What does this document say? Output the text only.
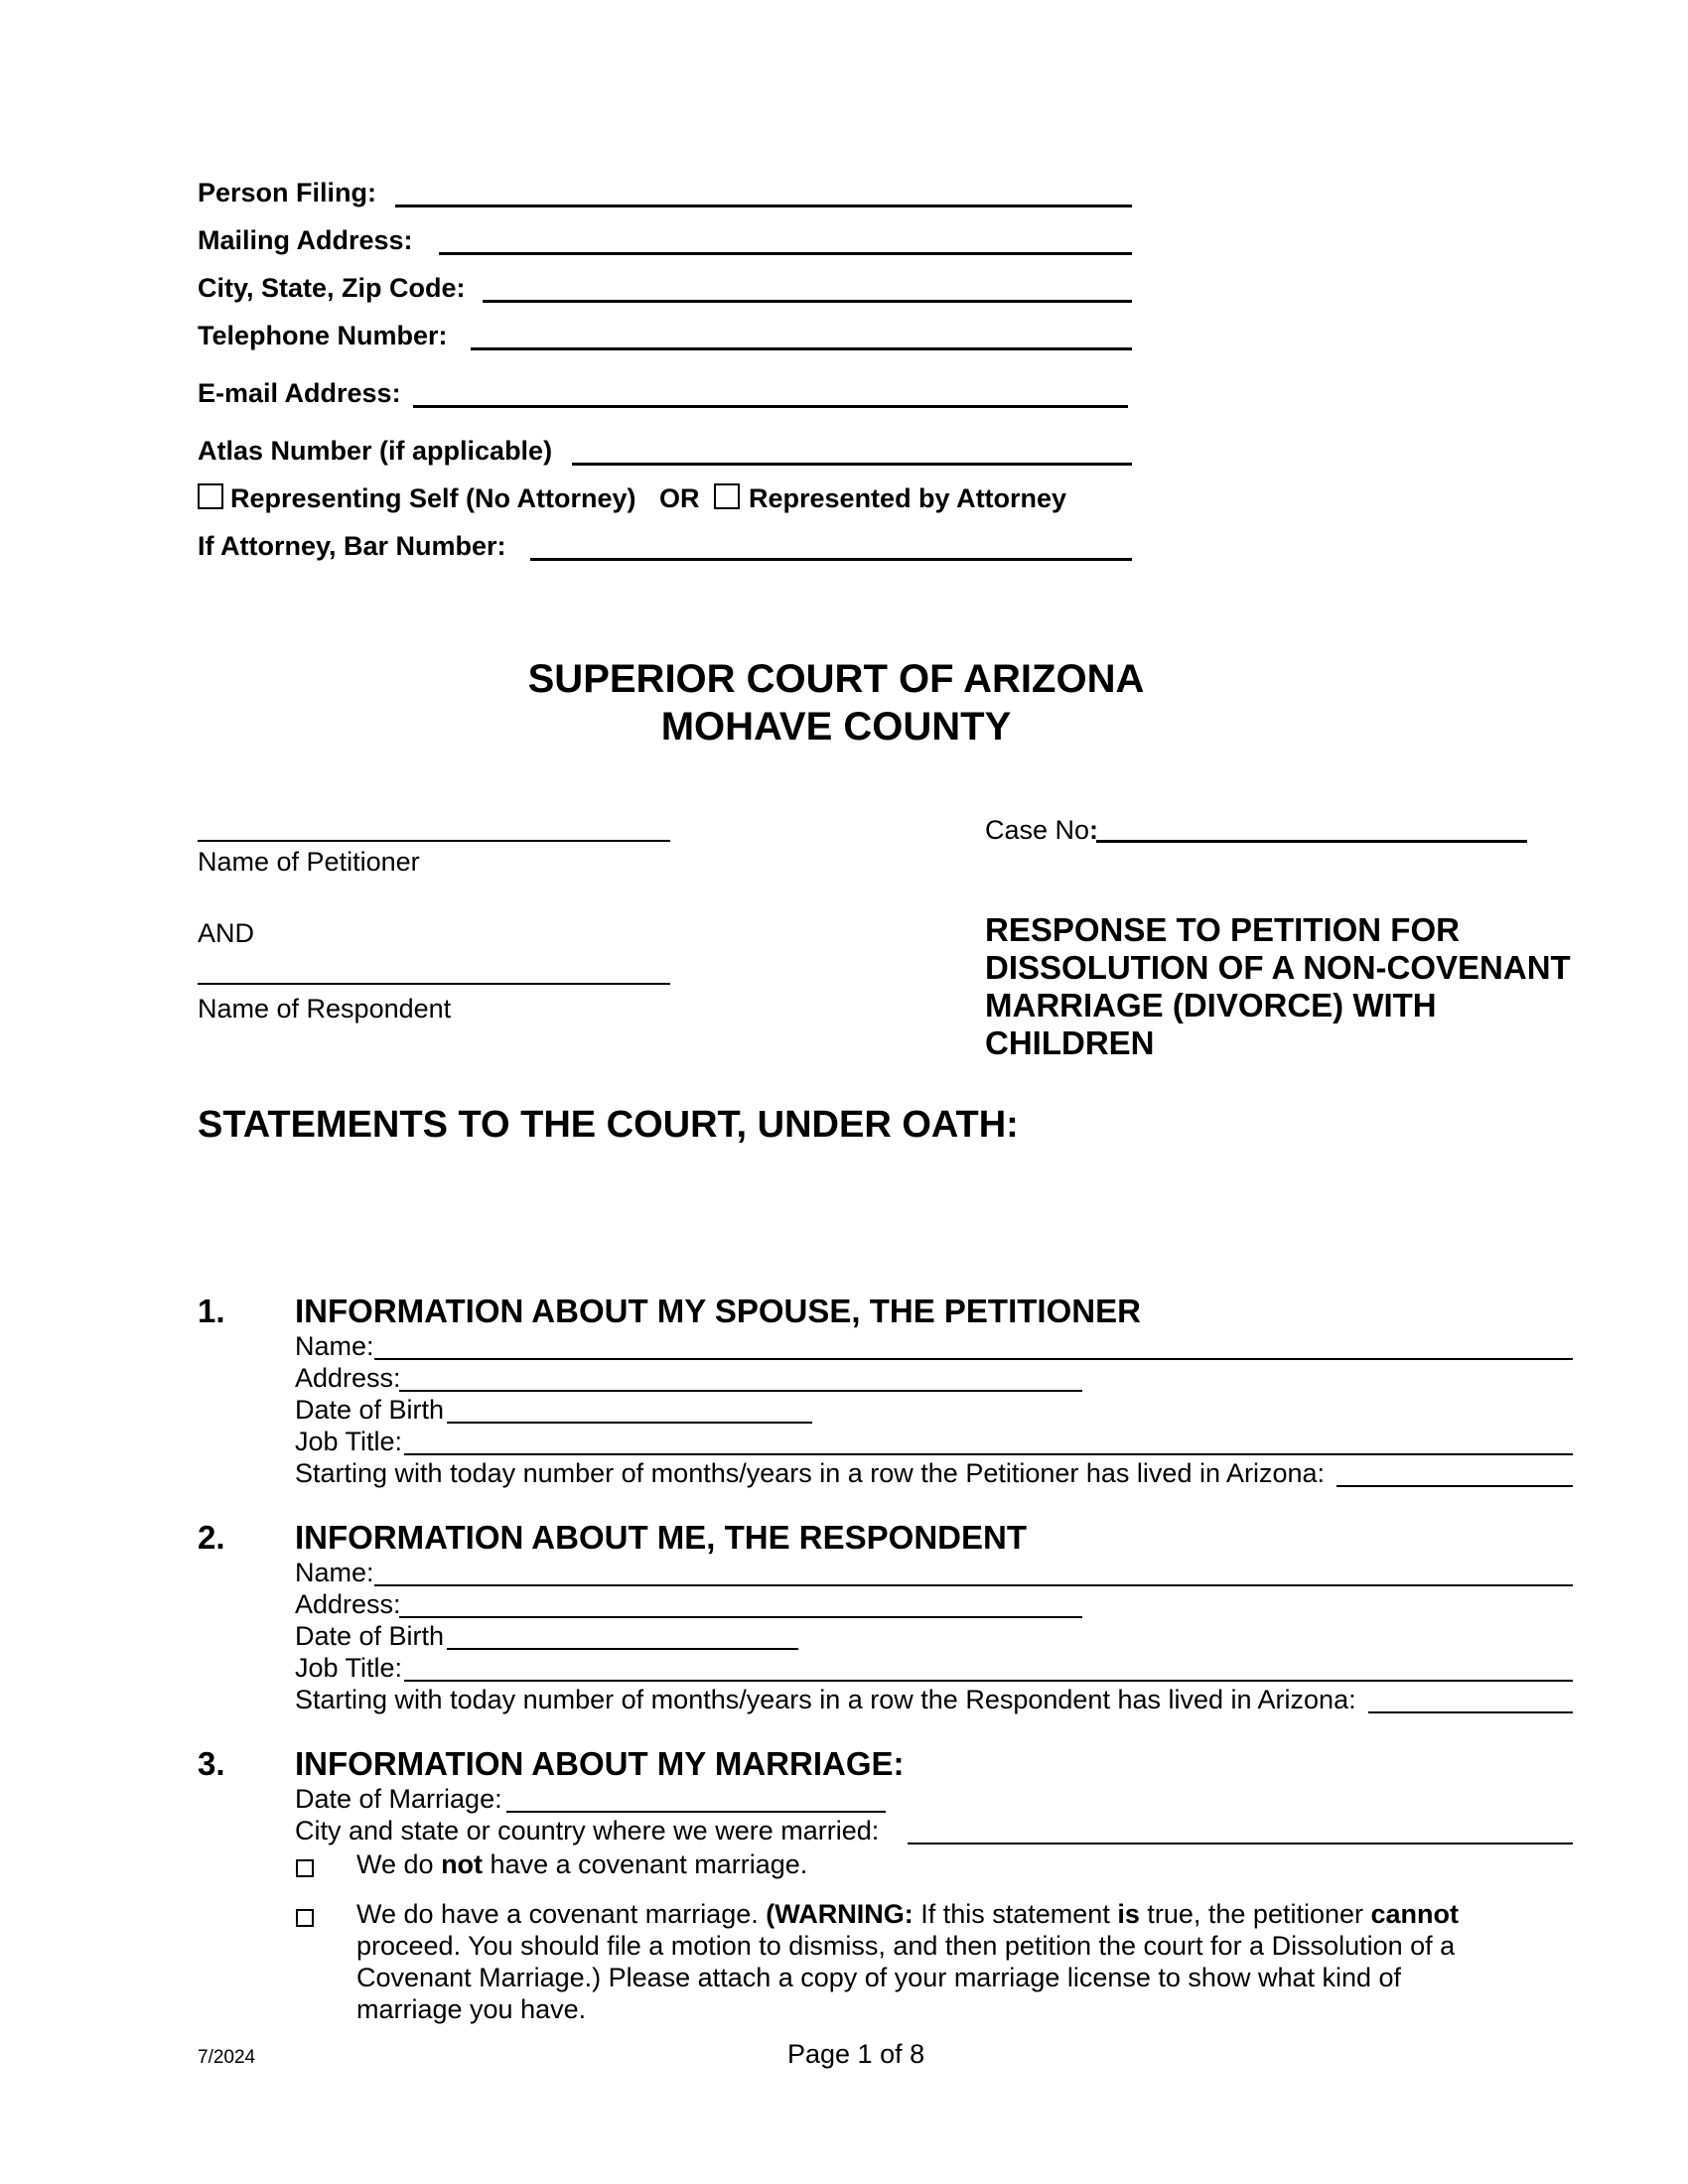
Person Filing:
Mailing Address:
City, State, Zip Code:
Telephone Number:
E-mail Address:
Atlas Number (if applicable)
Representing Self (No Attorney) OR Represented by Attorney
If Attorney, Bar Number:
SUPERIOR COURT OF ARIZONA
MOHAVE COUNTY
Name of Petitioner
Case No:
AND
Name of Respondent
RESPONSE TO PETITION FOR
DISSOLUTION OF A NON-COVENANT
MARRIAGE (DIVORCE) WITH
CHILDREN
STATEMENTS TO THE COURT, UNDER OATH:
1. INFORMATION ABOUT MY SPOUSE, THE PETITIONER
Name:
Address:
Date of Birth
Job Title:
Starting with today number of months/years in a row the Petitioner has lived in Arizona:
2. INFORMATION ABOUT ME, THE RESPONDENT
Name:
Address:
Date of Birth
Job Title:
Starting with today number of months/years in a row the Respondent has lived in Arizona:
3. INFORMATION ABOUT MY MARRIAGE:
Date of Marriage:
City and state or country where we were married:
We do not have a covenant marriage.
We do have a covenant marriage. (WARNING: If this statement is true, the petitioner cannot
proceed. You should file a motion to dismiss, and then petition the court for a Dissolution of a
Covenant Marriage.) Please attach a copy of your marriage license to show what kind of
marriage you have.
7/2024	Page 1 of 8
